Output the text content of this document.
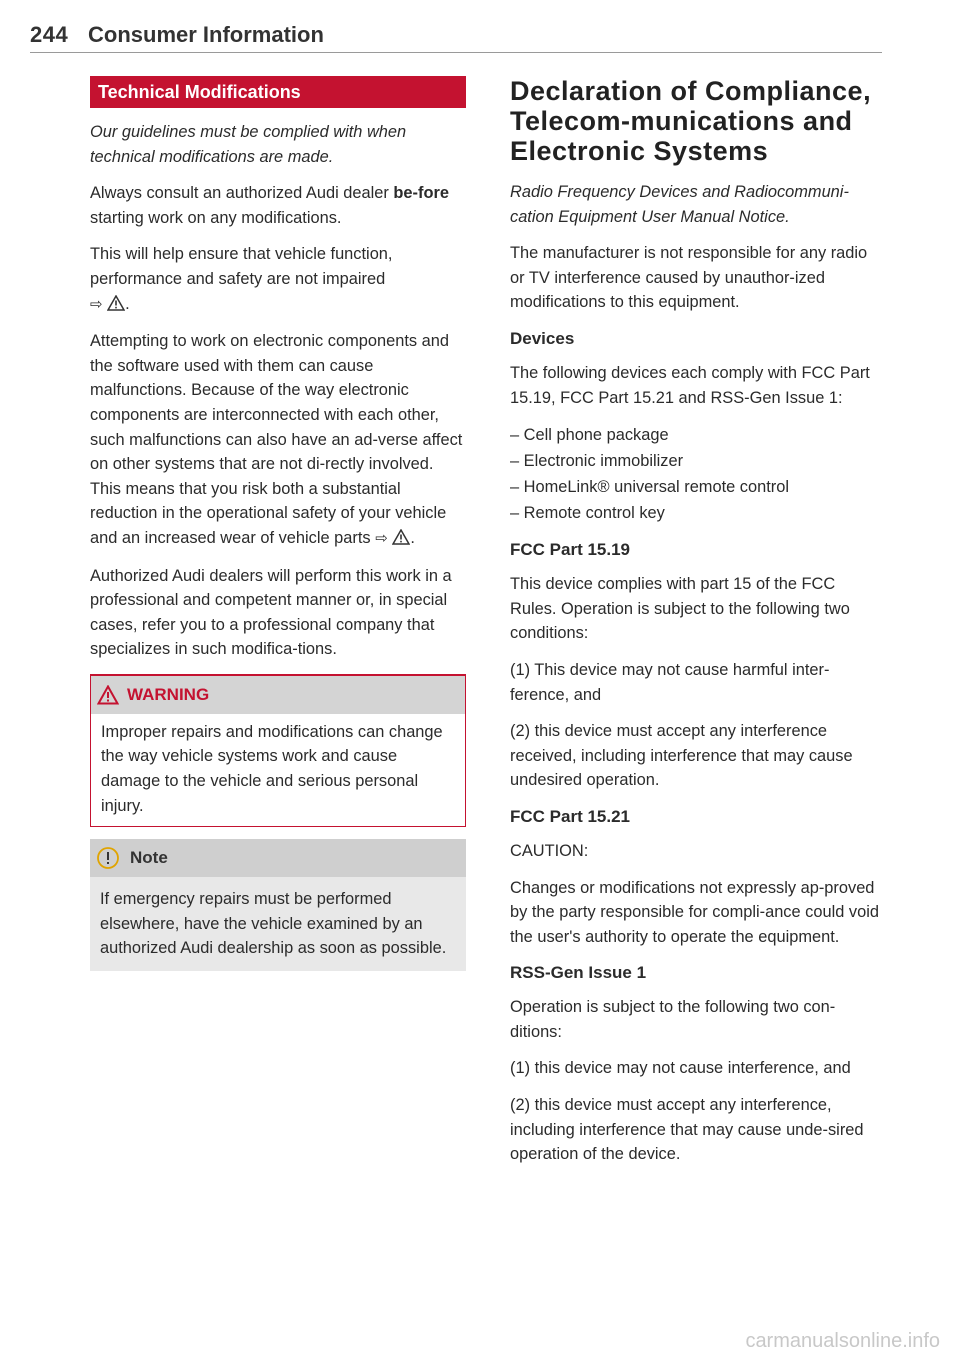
244 Consumer Information
Technical Modifications

Our guidelines must be complied with when technical modifications are made.

Always consult an authorized Audi dealer be-fore starting work on any modifications.

This will help ensure that vehicle function, performance and safety are not impaired
⇨ .

Attempting to work on electronic components and the software used with them can cause malfunctions. Because of the way electronic components are interconnected with each other, such malfunctions can also have an ad-verse affect on other systems that are not di-rectly involved. This means that you risk both a substantial reduction in the operational safety of your vehicle and an increased wear of vehicle parts ⇨ .

Authorized Audi dealers will perform this work in a professional and competent manner or, in special cases, refer you to a professional company that specializes in such modifica-tions.

WARNING

Improper repairs and modifications can change the way vehicle systems work and cause damage to the vehicle and serious personal injury.

Note

If emergency repairs must be performed elsewhere, have the vehicle examined by an authorized Audi dealership as soon as possible.

Declaration of Compliance, Telecom-munications and Electronic Systems

Radio Frequency Devices and Radiocommuni-cation Equipment User Manual Notice.

The manufacturer is not responsible for any radio or TV interference caused by unauthor-ized modifications to this equipment.

Devices

The following devices each comply with FCC Part 15.19, FCC Part 15.21 and RSS-Gen Issue 1:

– Cell phone package
– Electronic immobilizer
– HomeLink® universal remote control
– Remote control key
FCC Part 15.19

This device complies with part 15 of the FCC Rules. Operation is subject to the following two conditions:

(1) This device may not cause harmful inter-ference, and

(2) this device must accept any interference received, including interference that may cause undesired operation.

FCC Part 15.21

CAUTION:

Changes or modifications not expressly ap-proved by the party responsible for compli-ance could void the user's authority to operate the equipment.

RSS-Gen Issue 1

Operation is subject to the following two con-ditions:

(1) this device may not cause interference, and

(2) this device must accept any interference, including interference that may cause unde-sired operation of the device.

carmanualsonline.info
